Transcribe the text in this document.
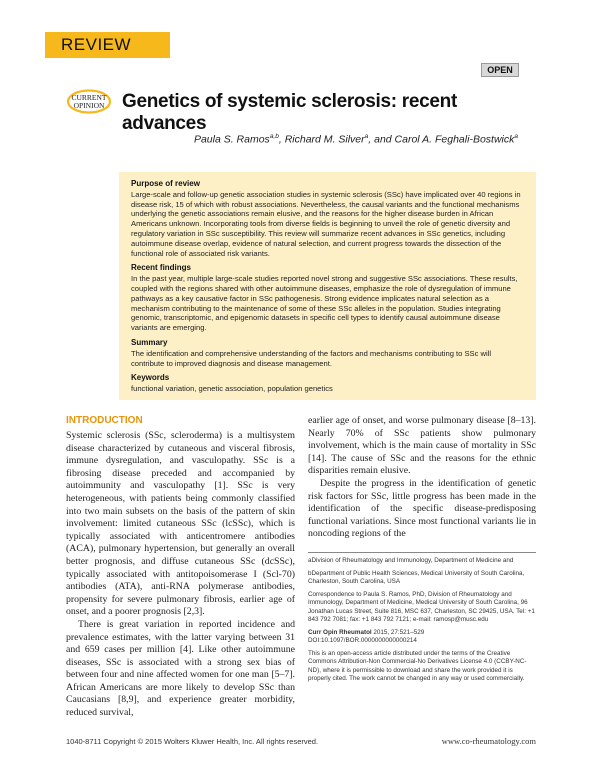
REVIEW
OPEN
CURRENT
OPINION Genetics of systemic sclerosis: recent advances
Paula S. Ramos$^{a,b}$, Richard M. Silver$^a$, and Carol A. Feghali-Bostwick$^a$
Purpose of review

Large-scale and follow-up genetic association studies in systemic sclerosis (SSc) have implicated over 40 regions in disease risk, 15 of which with robust associations. Nevertheless, the causal variants and the functional mechanisms underlying the genetic associations remain elusive, and the reasons for the higher disease burden in African Americans unknown. Incorporating tools from diverse fields is beginning to unveil the role of genetic diversity and regulatory variation in SSc susceptibility. This review will summarize recent advances in SSc genetics, including autoimmune disease overlap, evidence of natural selection, and current progress towards the dissection of the functional role of associated risk variants.

Recent findings

In the past year, multiple large-scale studies reported novel strong and suggestive SSc associations. These results, coupled with the regions shared with other autoimmune diseases, emphasize the role of dysregulation of immune pathways as a key causative factor in SSc pathogenesis. Strong evidence implicates natural selection as a mechanism contributing to the maintenance of some of these SSc alleles in the population. Studies integrating genomic, transcriptomic, and epigenomic datasets in specific cell types to identify causal autoimmune disease variants are emerging.

Summary

The identification and comprehensive understanding of the factors and mechanisms contributing to SSc will contribute to improved diagnosis and disease management.

Keywords

functional variation, genetic association, population genetics

INTRODUCTION

Systemic sclerosis (SSc, scleroderma) is a multisystem disease characterized by cutaneous and visceral fibrosis, immune dysregulation, and vasculopathy. SSc is a fibrosing disease preceded and accompanied by autoimmunity and vasculopathy [1]. SSc is very heterogeneous, with patients being commonly classified into two main subsets on the basis of the pattern of skin involvement: limited cutaneous SSc (lcSSc), which is typically associated with anticentromere antibodies (ACA), pulmonary hypertension, but generally an overall better prognosis, and diffuse cutaneous SSc (dcSSc), typically associated with antitopoisomerase I (Scl-70) antibodies (ATA), anti-RNA polymerase antibodies, propensity for severe pulmonary fibrosis, earlier age of onset, and a poorer prognosis [2,3].

There is great variation in reported incidence and prevalence estimates, with the latter varying between 31 and 659 cases per million [4]. Like other autoimmune diseases, SSc is associated with a strong sex bias of between four and nine affected women for one man [5–7]. African Americans are more likely to develop SSc than Caucasians [8,9], and experience greater morbidity, reduced survival,

earlier age of onset, and worse pulmonary disease [8–13]. Nearly 70% of SSc patients show pulmonary involvement, which is the main cause of mortality in SSc [14]. The cause of SSc and the reasons for the ethnic disparities remain elusive.

Despite the progress in the identification of genetic risk factors for SSc, little progress has been made in the identification of the specific disease-predisposing functional variations. Since most functional variants lie in noncoding regions of the

aDivision of Rheumatology and Immunology, Department of Medicine and

bDepartment of Public Health Sciences, Medical University of South Carolina, Charleston, South Carolina, USA

Correspondence to Paula S. Ramos, PhD, Division of Rheumatology and Immunology, Department of Medicine, Medical University of South Carolina, 96 Jonathan Lucas Street, Suite 816, MSC 637, Charleston, SC 29425, USA. Tel: +1 843 792 7081; fax: +1 843 792 7121; e-mail: ramosp@musc.edu

Curr Opin Rheumatol 2015, 27:521–529
DOI:10.1097/BOR.0000000000000214

This is an open-access article distributed under the terms of the Creative Commons Attribution-Non Commercial-No Derivatives License 4.0 (CCBY-NC-ND), where it is permissible to download and share the work provided it is properly cited. The work cannot be changed in any way or used commercially.

1040-8711 Copyright © 2015 Wolters Kluwer Health, Inc. All rights reserved.	www.co-rheumatology.com
